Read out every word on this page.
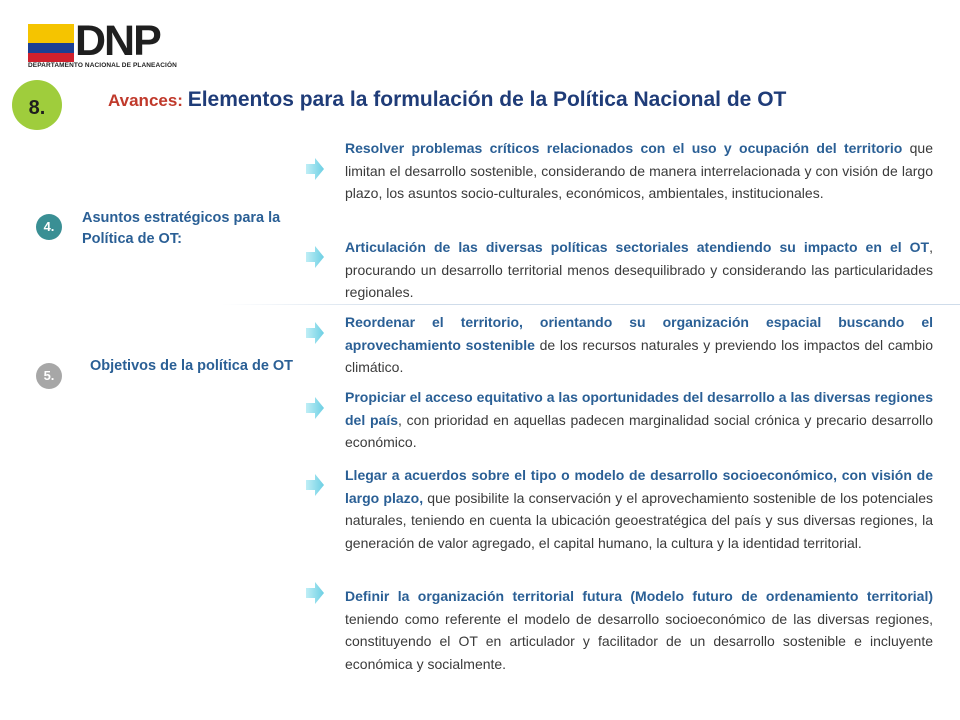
DNP
DEPARTAMENTO NACIONAL DE PLANEACIÓN
8.	Avances: Elementos para la formulación de la Política Nacional de OT
4.
Asuntos estratégicos para la Política de OT:
5.
Objetivos de la política de OT
Resolver problemas críticos relacionados con el uso y ocupación del territorio que limitan el desarrollo sostenible, considerando de manera interrelacionada y con visión de largo plazo, los asuntos socio-culturales, económicos, ambientales, institucionales.
Articulación de las diversas políticas sectoriales atendiendo su impacto en el OT, procurando un desarrollo territorial menos desequilibrado y considerando las particularidades regionales.
Reordenar el territorio, orientando su organización espacial buscando el aprovechamiento sostenible de los recursos naturales y previendo los impactos del cambio climático.
Propiciar el acceso equitativo a las oportunidades del desarrollo a las diversas regiones del país, con prioridad en aquellas padecen marginalidad social crónica y precario desarrollo económico.
Llegar a acuerdos sobre el tipo o modelo de desarrollo socioeconómico, con visión de largo plazo, que posibilite la conservación y el aprovechamiento sostenible de los potenciales naturales, teniendo en cuenta la ubicación geoestratégica del país y sus diversas regiones, la generación de valor agregado, el capital humano, la cultura y la identidad territorial.
Definir la organización territorial futura (Modelo futuro de ordenamiento territorial) teniendo como referente el modelo de desarrollo socioeconómico de las diversas regiones, constituyendo el OT en articulador y facilitador de un desarrollo sostenible e incluyente económica y socialmente.
